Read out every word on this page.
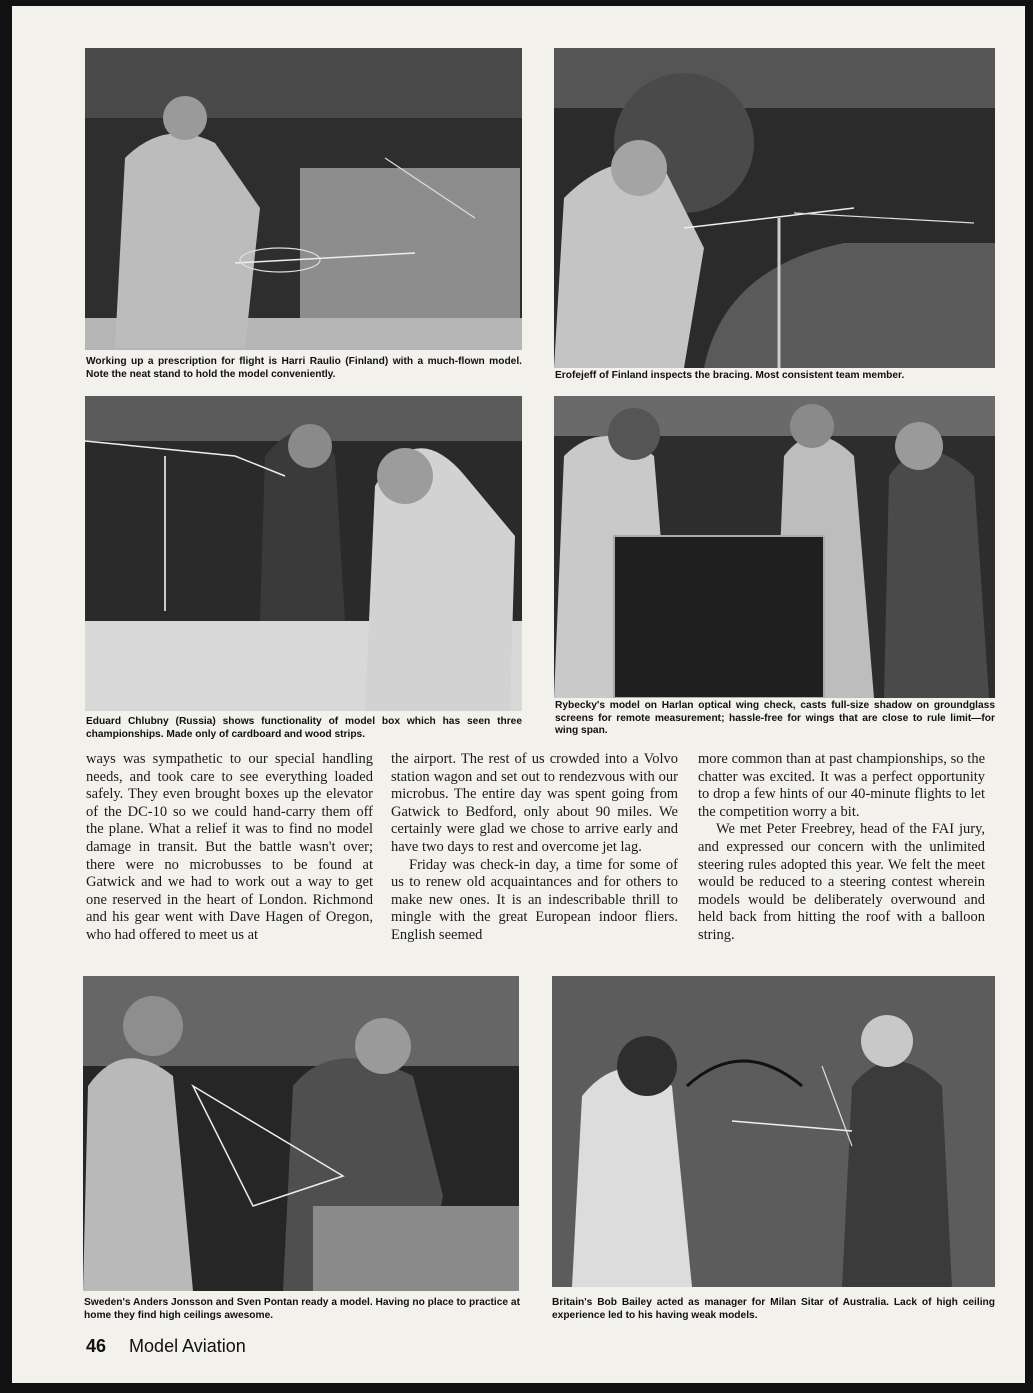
Working up a prescription for flight is Harri Raulio (Finland) with a much-flown model. Note the neat stand to hold the model conveniently.	Erofejeff of Finland inspects the bracing. Most consistent team member.
Eduard Chlubny (Russia) shows functionality of model box which has seen three championships. Made only of cardboard and wood strips.
Rybecky's model on Harlan optical wing check, casts full-size shadow on groundglass screens for remote measurement; hassle-free for wings that are close to rule limit—for wing span.

ways was sympathetic to our special handling needs, and took care to see everything loaded safely. They even brought boxes up the elevator of the DC-10 so we could hand-carry them off the plane. What a relief it was to find no model damage in transit. But the battle wasn't over; there were no microbusses to be found at Gatwick and we had to work out a way to get one reserved in the heart of London. Richmond and his gear went with Dave Hagen of Oregon, who had offered to meet us at

the airport. The rest of us crowded into a Volvo station wagon and set out to rendezvous with our microbus. The entire day was spent going from Gatwick to Bedford, only about 90 miles. We certainly were glad we chose to arrive early and have two days to rest and overcome jet lag.

Friday was check-in day, a time for some of us to renew old acquaintances and for others to make new ones. It is an indescribable thrill to mingle with the great European indoor fliers. English seemed

more common than at past championships, so the chatter was excited. It was a perfect opportunity to drop a few hints of our 40-minute flights to let the competition worry a bit.

We met Peter Freebrey, head of the FAI jury, and expressed our concern with the unlimited steering rules adopted this year. We felt the meet would be reduced to a steering contest wherein models would be deliberately overwound and held back from hitting the roof with a balloon string.

Sweden's Anders Jonsson and Sven Pontan ready a model. Having no place to practice at home they find high ceilings awesome.
Britain's Bob Bailey acted as manager for Milan Sitar of Australia. Lack of high ceiling experience led to his having weak models.
46 Model Aviation
